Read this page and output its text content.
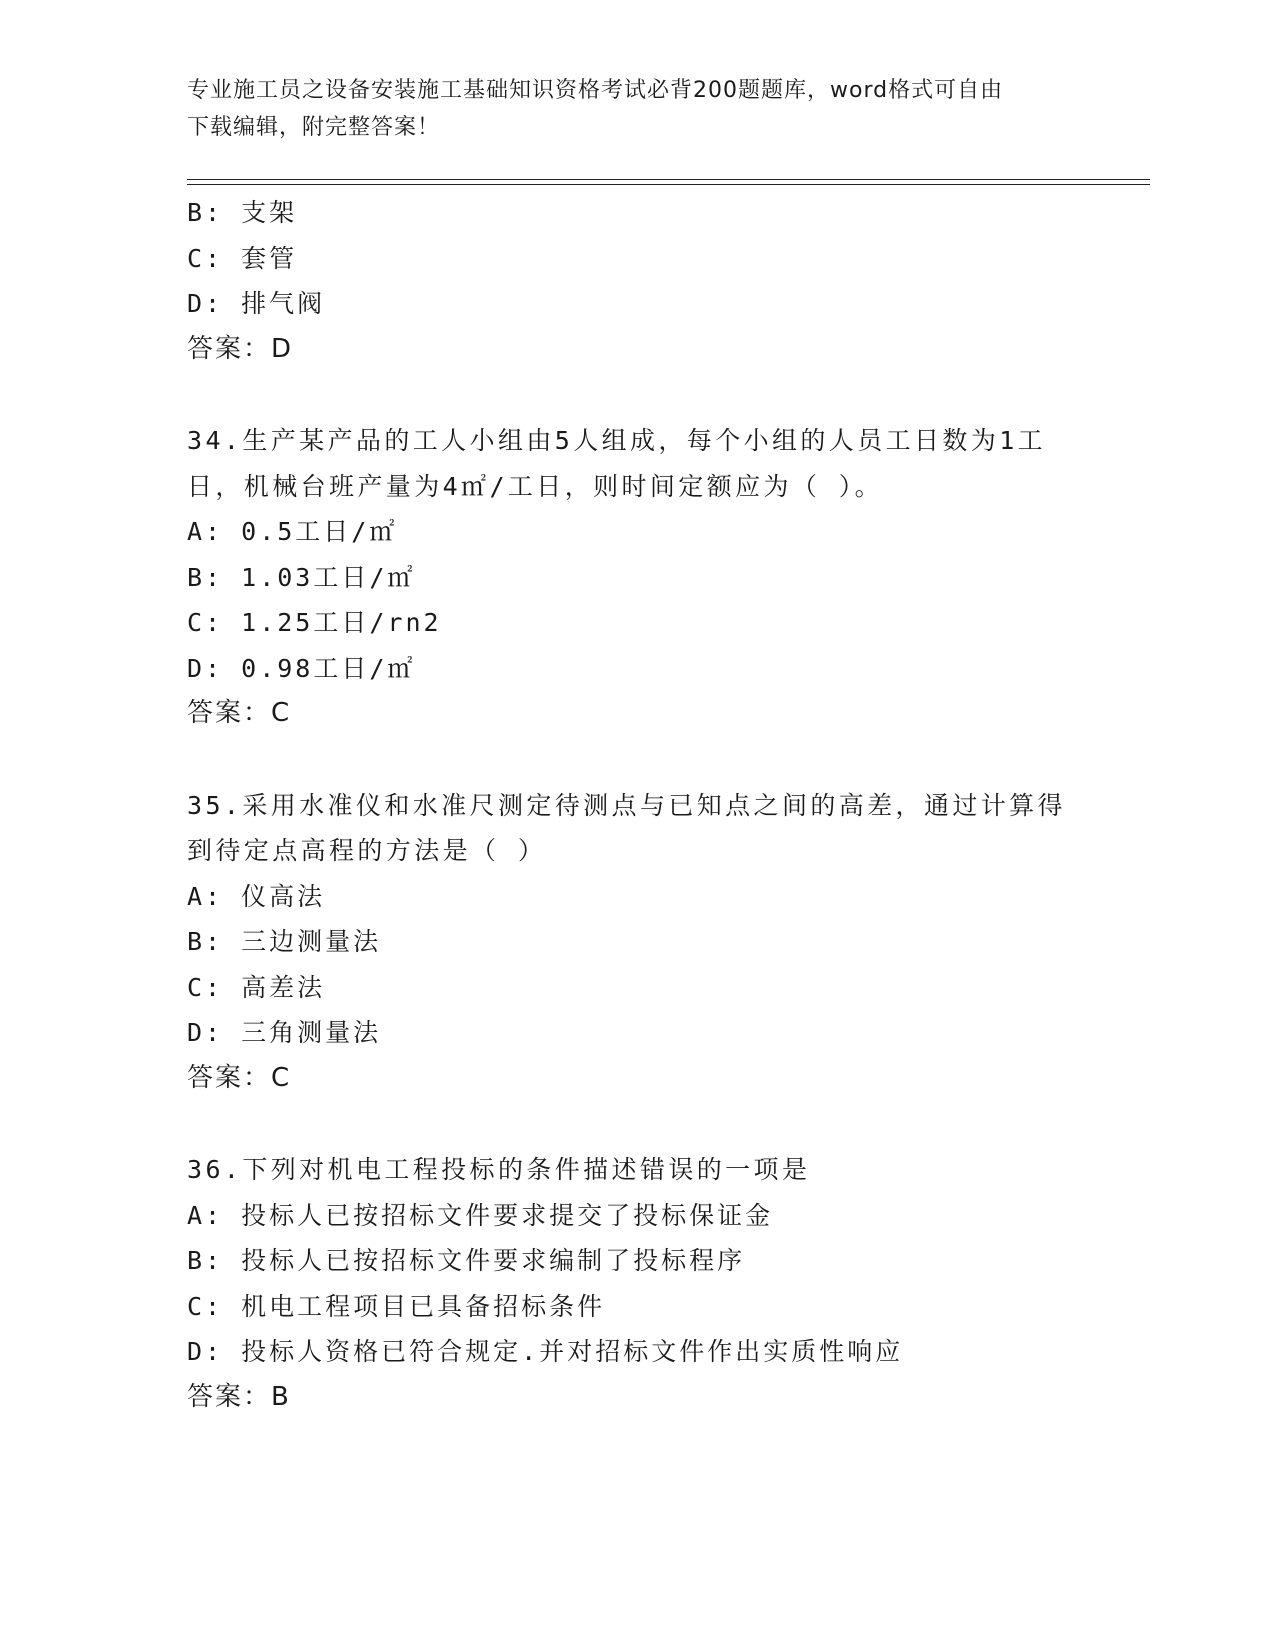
专业施工员之设备安装施工基础知识资格考试必背200题题库，word格式可自由
下载编辑，附完整答案！
B: 支架
C: 套管
D: 排气阀
答案：D
34.生产某产品的工人小组由5人组成，每个小组的人员工日数为1工
日，机械台班产量为4㎡/工日，则时间定额应为（ ）。
A: 0.5工日/㎡
B: 1.03工日/㎡
C: 1.25工日/rn2
D: 0.98工日/㎡
答案：C
35.采用水准仪和水准尺测定待测点与已知点之间的高差，通过计算得
到待定点高程的方法是（ ）
A: 仪高法
B: 三边测量法
C: 高差法
D: 三角测量法
答案：C
36.下列对机电工程投标的条件描述错误的一项是
A: 投标人已按招标文件要求提交了投标保证金
B: 投标人已按招标文件要求编制了投标程序
C: 机电工程项目已具备招标条件
D: 投标人资格已符合规定.并对招标文件作出实质性响应
答案：B
